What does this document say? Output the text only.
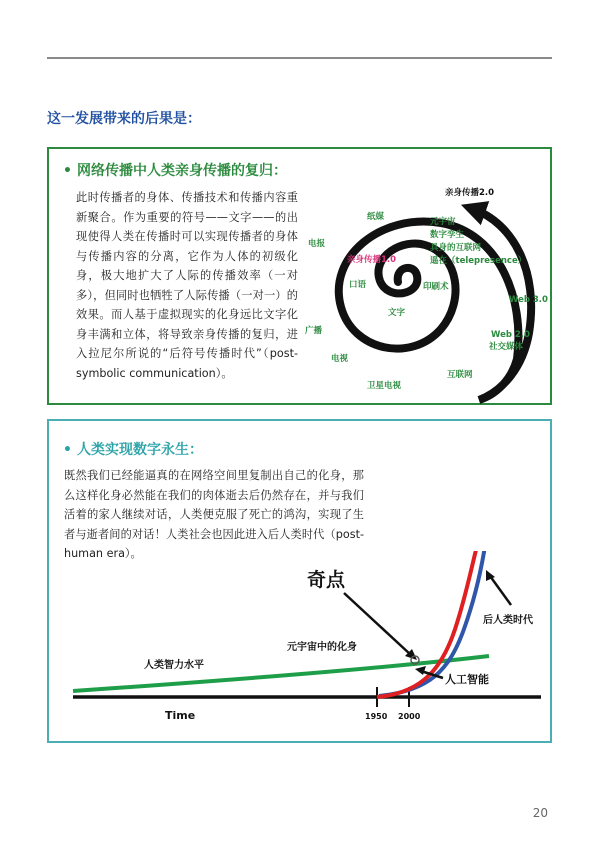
这一发展带来的后果是：
• 网络传播中人类亲身传播的复归：
此时传播者的身体、传播技术和传播内容重新聚合。作为重要的符号——文字——的出现使得人类在传播时可以实现传播者的身体与传播内容的分离，它作为人体的初级化身，极大地扩大了人际的传播效率（一对多），但同时也牺牲了人际传播（一对一）的效果。而人基于虚拟现实的化身远比文字化身丰满和立体，将导致亲身传播的复归，进入拉尼尔所说的“后符号传播时代”（post-symbolic communication）。
亲身传播1.0
口语
文字
纸媒
电报
广播
电视
卫星电视
互联网
Web 2.0
社交媒体
Web 3.0
印刷术
亲身传播2.0
元宇宙
数字孪生
具身的互联网
遥在（telepresence）
• 人类实现数字永生：
既然我们已经能逼真的在网络空间里复制出自己的化身，那么这样化身必然能在我们的肉体逝去后仍然存在，并与我们活着的家人继续对话，人类便克服了死亡的鸿沟，实现了生者与逝者间的对话！人类社会也因此进入后人类时代（post-human era）。
Time	1950 2000
奇点
元宇宙中的化身
人类智力水平
人工智能
后人类时代
20
